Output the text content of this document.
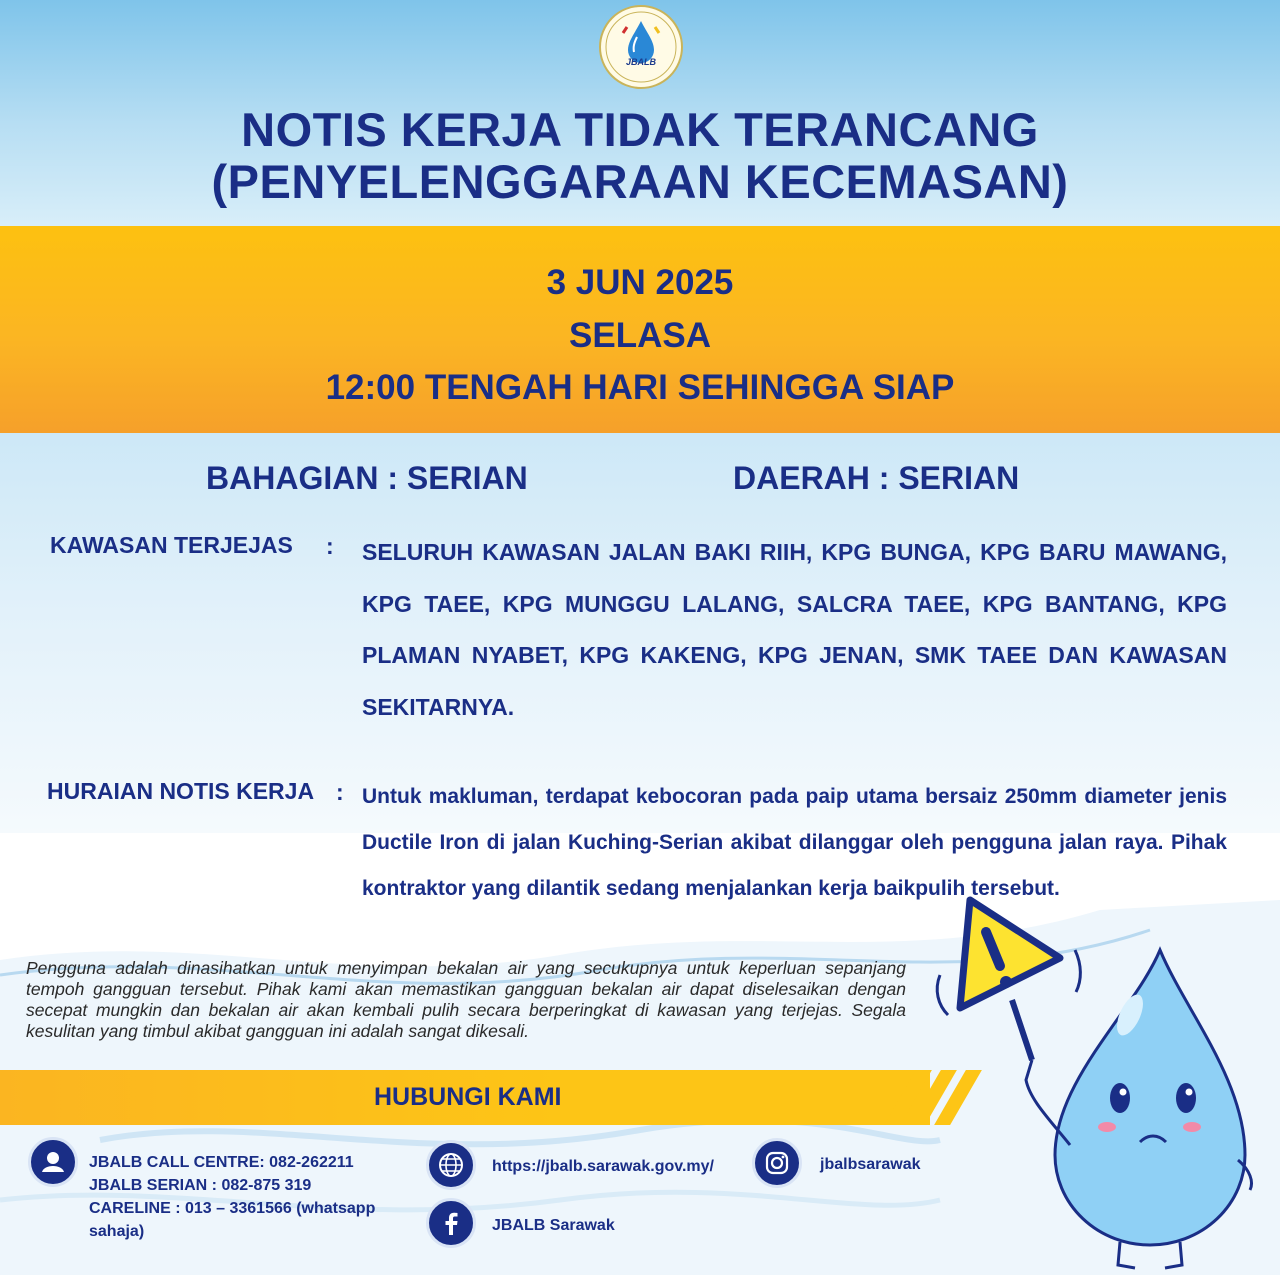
JBALB
NOTIS KERJA TIDAK TERANCANG
(PENYELENGGARAAN KECEMASAN)
3 JUN 2025
SELASA
12:00 TENGAH HARI SEHINGGA SIAP
BAHAGIAN : SERIAN	DAERAH : SERIAN
KAWASAN TERJEJAS : SELURUH KAWASAN JALAN BAKI RIIH, KPG BUNGA, KPG BARU MAWANG, KPG TAEE, KPG MUNGGU LALANG, SALCRA TAEE, KPG BANTANG, KPG PLAMAN NYABET, KPG KAKENG, KPG JENAN, SMK TAEE DAN KAWASAN SEKITARNYA.
HURAIAN NOTIS KERJA : Untuk makluman, terdapat kebocoran pada paip utama bersaiz 250mm diameter jenis Ductile Iron di jalan Kuching-Serian akibat dilanggar oleh pengguna jalan raya. Pihak kontraktor yang dilantik sedang menjalankan kerja baikpulih tersebut.
Pengguna adalah dinasihatkan untuk menyimpan bekalan air yang secukupnya untuk keperluan sepanjang tempoh gangguan tersebut. Pihak kami akan memastikan gangguan bekalan air dapat diselesaikan dengan secepat mungkin dan bekalan air akan kembali pulih secara berperingkat di kawasan yang terjejas. Segala kesulitan yang timbul akibat gangguan ini adalah sangat dikesali.
HUBUNGI KAMI
JBALB CALL CENTRE: 082-262211
JBALB SERIAN : 082-875 319
CARELINE : 013 – 3361566 (whatsapp
sahaja)
https://jbalb.sarawak.gov.my/
JBALB Sarawak
jbalbsarawak
